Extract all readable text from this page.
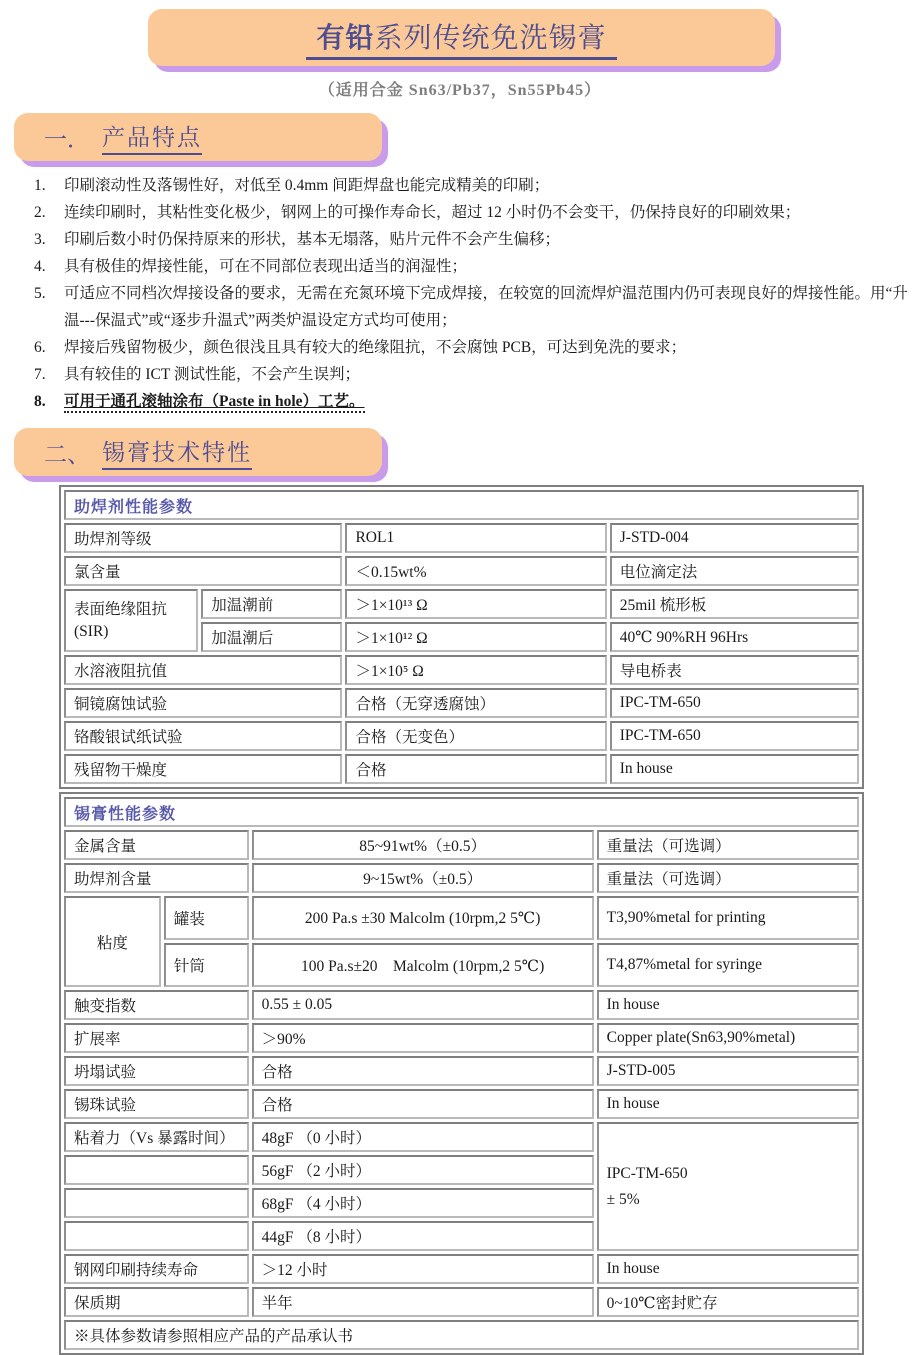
有铅系列传统免洗锡膏
（适用合金 Sn63/Pb37，Sn55Pb45）
一． 产品特点
1.	印刷滚动性及落锡性好，对低至 0.4mm 间距焊盘也能完成精美的印刷；
2.	连续印刷时，其粘性变化极少，钢网上的可操作寿命长，超过 12 小时仍不会变干，仍保持良好的印刷效果；
3.	印刷后数小时仍保持原来的形状，基本无塌落，贴片元件不会产生偏移；
4.	具有极佳的焊接性能，可在不同部位表现出适当的润湿性；
5.	可适应不同档次焊接设备的要求，无需在充氮环境下完成焊接，在较宽的回流焊炉温范围内仍可表现良好的焊接性能。用“升温---保温式”或“逐步升温式”两类炉温设定方式均可使用；
6.	焊接后残留物极少，颜色很浅且具有较大的绝缘阻抗，不会腐蚀 PCB，可达到免洗的要求；
7.	具有较佳的 ICT 测试性能，不会产生误判；
8.	可用于通孔滚轴涂布（Paste in hole）工艺。
二、 锡膏技术特性
助焊剂性能参数			
助焊剂等级		ROL1	J-STD-004
氯含量		＜0.15wt%	电位滴定法

表面绝缘阻抗
(SIR)	加温潮前	＞1×10¹³ Ω	25mil 梳形板
	加温潮后	＞1×10¹² Ω	40℃ 90%RH 96Hrs
水溶液阻抗值		＞1×10⁵ Ω	导电桥表
铜镜腐蚀试验		合格（无穿透腐蚀）	IPC-TM-650
铬酸银试纸试验		合格（无变色）	IPC-TM-650
残留物干燥度		合格	In house
锡膏性能参数			
金属含量		85~91wt%（±0.5）	重量法（可选调）
助焊剂含量		9~15wt%（±0.5）	重量法（可选调）
粘度	罐装	200 Pa.s ±30 Malcolm (10rpm,2 5℃)	T3,90%metal for printing
	针筒	100 Pa.s±20　Malcolm (10rpm,2 5℃)	T4,87%metal for syringe
触变指数		0.55 ± 0.05	In house
扩展率		＞90%	Copper plate(Sn63,90%metal)
坍塌试验		合格	J-STD-005
锡珠试验		合格	In house
粘着力（Vs 暴露时间）		48gF （0 小时）	IPC-TM-650
± 5%

		56gF （2 小时）	
		68gF （4 小时）	
		44gF （8 小时）	
钢网印刷持续寿命		＞12 小时	In house
保质期		半年	0~10℃密封贮存
※具体参数请参照相应产品的产品承认书			
